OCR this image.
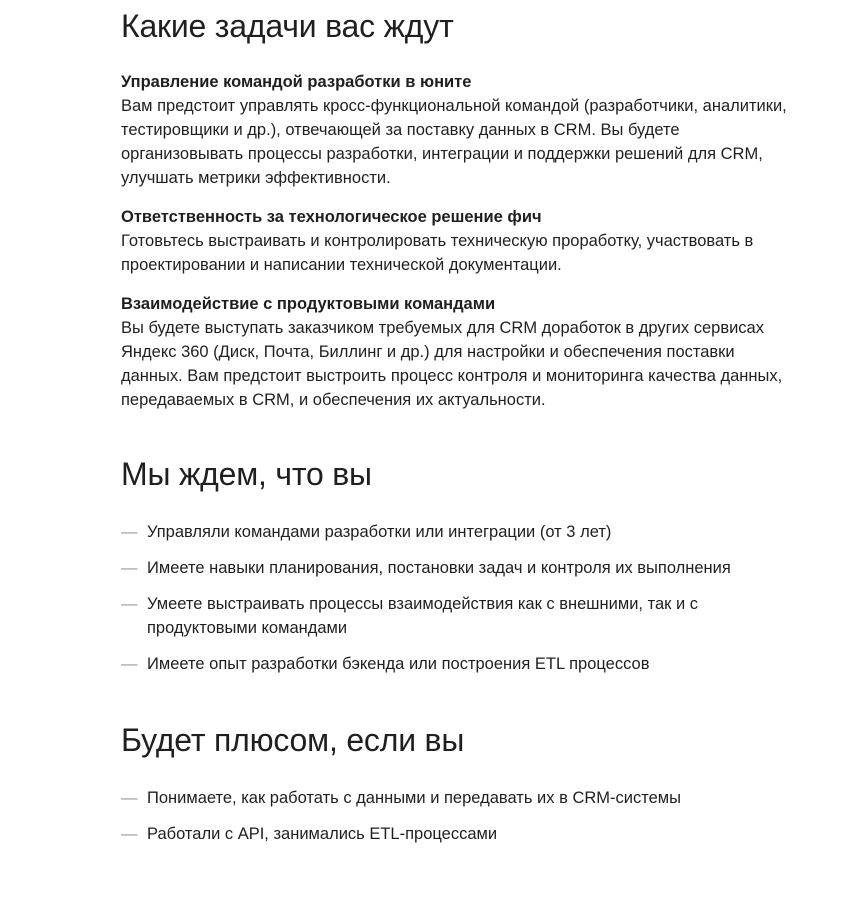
Какие задачи вас ждут
Управление командой разработки в юните
Вам предстоит управлять кросс-функциональной командой (разработчики, аналитики, тестировщики и др.), отвечающей за поставку данных в CRM. Вы будете организовывать процессы разработки, интеграции и поддержки решений для CRM, улучшать метрики эффективности.
Ответственность за технологическое решение фич
Готовьтесь выстраивать и контролировать техническую проработку, участвовать в проектировании и написании технической документации.
Взаимодействие с продуктовыми командами
Вы будете выступать заказчиком требуемых для CRM доработок в других сервисах Яндекс 360 (Диск, Почта, Биллинг и др.) для настройки и обеспечения поставки данных. Вам предстоит выстроить процесс контроля и мониторинга качества данных, передаваемых в CRM, и обеспечения их актуальности.
Мы ждем, что вы
— Управляли командами разработки или интеграции (от 3 лет)
— Имеете навыки планирования, постановки задач и контроля их выполнения
— Умеете выстраивать процессы взаимодействия как с внешними, так и с продуктовыми командами
— Имеете опыт разработки бэкенда или построения ETL процессов
Будет плюсом, если вы
— Понимаете, как работать с данными и передавать их в CRM-системы
— Работали с API, занимались ETL-процессами
